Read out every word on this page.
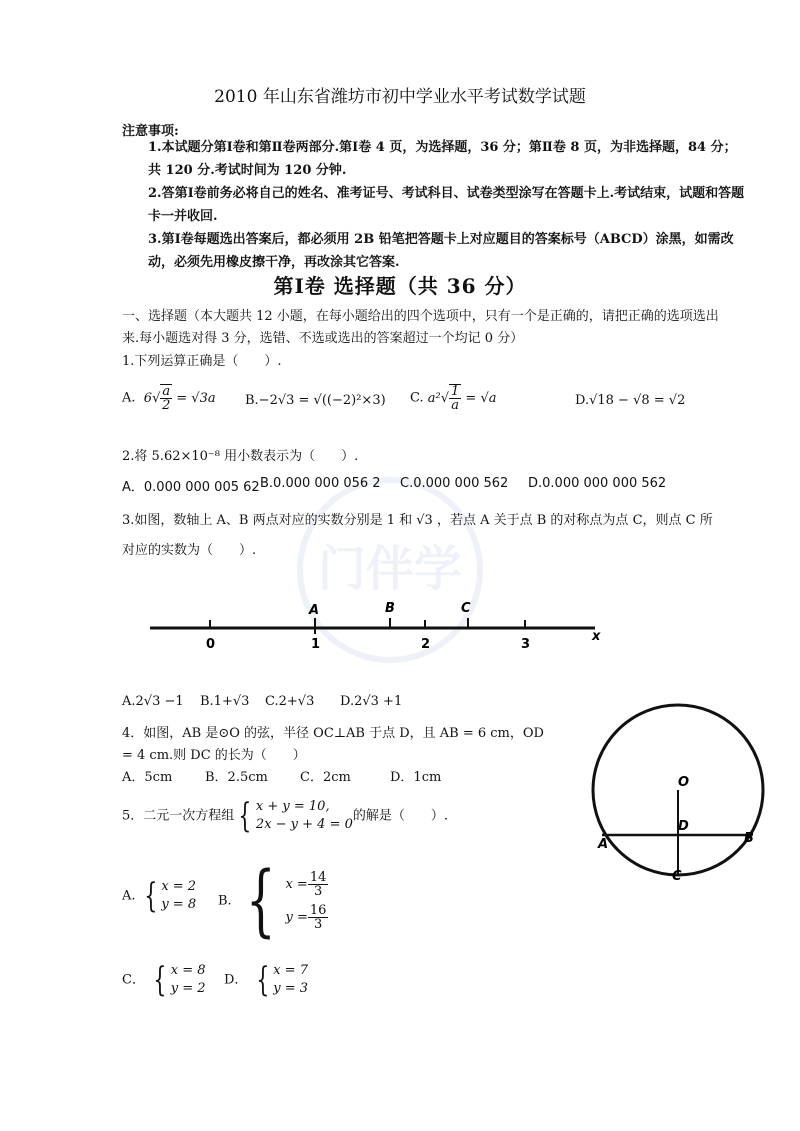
门伴学
2010 年山东省潍坊市初中学业水平考试数学试题
注意事项:
1.本试题分第Ⅰ卷和第Ⅱ卷两部分.第Ⅰ卷 4 页，为选择题，36 分；第Ⅱ卷 8 页，为非选择题，84 分；共 120 分.考试时间为 120 分钟.
2.答第Ⅰ卷前务必将自己的姓名、准考证号、考试科目、试卷类型涂写在答题卡上.考试结束，试题和答题卡一并收回.
3.第Ⅰ卷每题选出答案后，都必须用 2B 铅笔把答题卡上对应题目的答案标号（ABCD）涂黑，如需改动，必须先用橡皮擦干净，再改涂其它答案.
第Ⅰ卷 选择题（共 36 分）
一、选择题（本大题共 12 小题，在每小题给出的四个选项中，只有一个是正确的，请把正确的选项选出来.每小题选对得 3 分，选错、不选或选出的答案超过一个均记 0 分）
1.下列运算正确是（　　）.
A.  $6√ \frac{a}{2} = √3a$ B.−2√3 = √((−2)²×3) C. $a^2√ \frac{1}{a} = √a$	D.√18 − √8 = √2
2.将 5.62×10⁻⁸ 用小数表示为（　　）.
A．0.000 000 005 62 B.0.000 000 056 2 C.0.000 000 562 D.0.000 000 000 562
3.如图，数轴上 A、B 两点对应的实数分别是 1 和 √3 ，若点 A 关于点 B 的对称点为点 C，则点 C 所对应的实数为（　　）.
0	1	2	3
x
A	B	C
A.2√3 −1 B.1+√3 C.2+√3 D.2√3 +1
4．如图，AB 是⊙O 的弦，半径 OC⊥AB 于点 D，且 AB = 6 cm，OD = 4 cm.则 DC 的长为（　　）
A．5cm	B．2.5cm C．2cm	D．1cm	O
D
A	B
C
5．二元一次方程组 { x + y = 10,
2x − y + 4 = 0
的解是（　　）.
A. { x = 2
y = 8 B. { $x = \frac{14}{3}$
$y = \frac{16}{3}$
C． { x = 8
y = 2
D． { x = 7
y = 3
